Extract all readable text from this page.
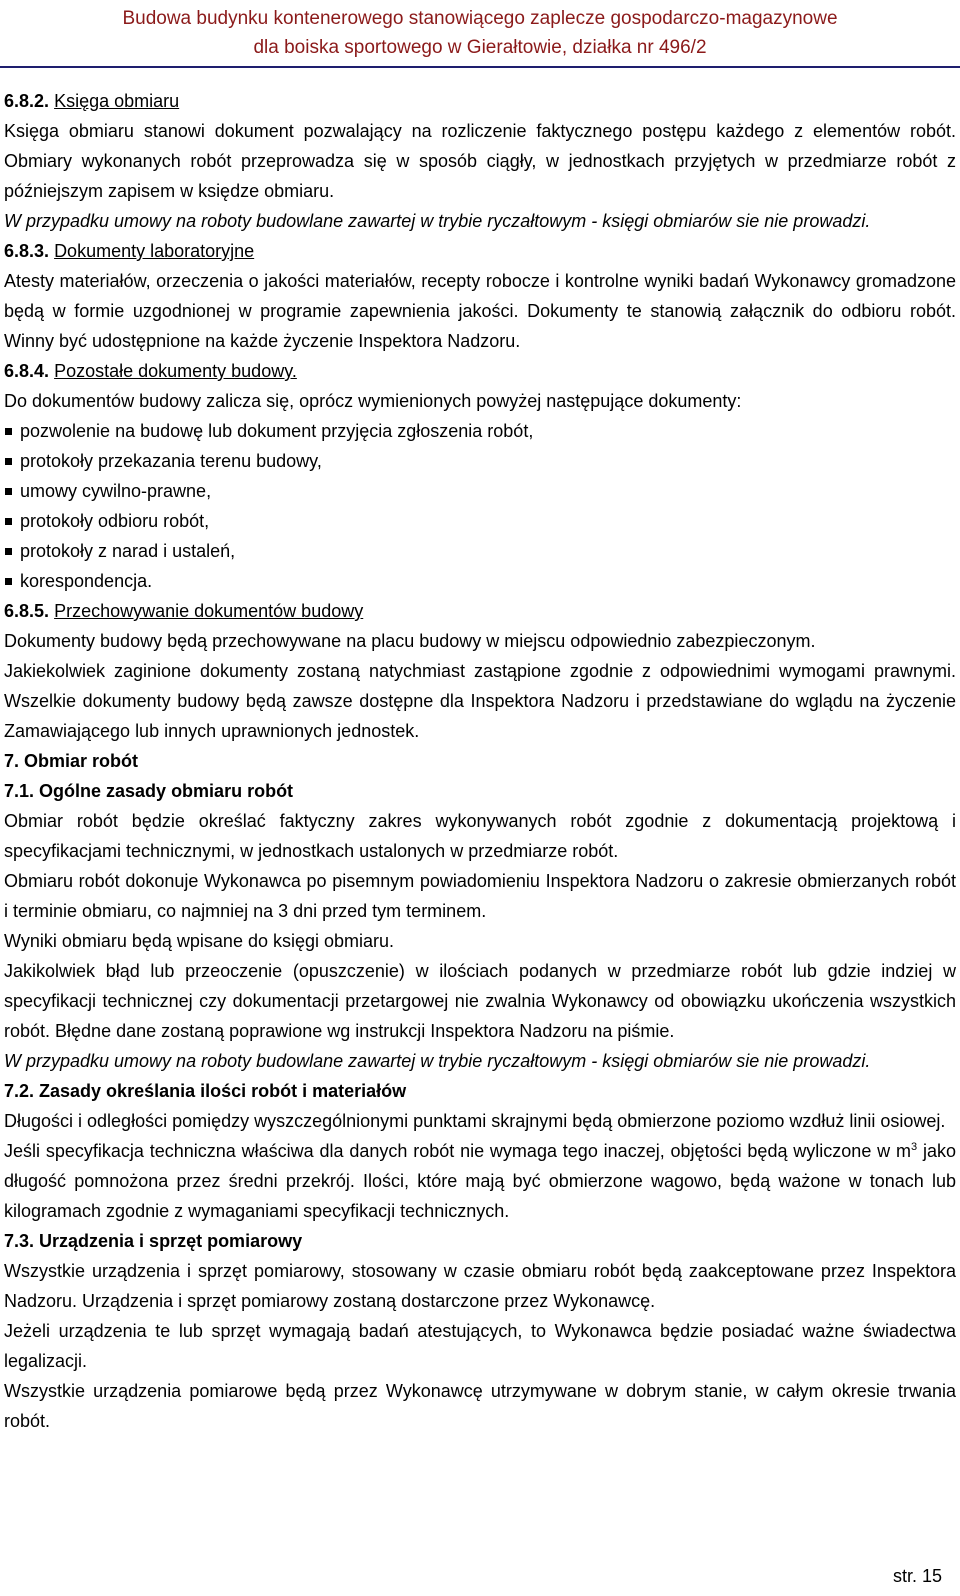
Budowa budynku kontenerowego stanowiącego zaplecze gospodarczo-magazynowe
dla boiska sportowego w Gierałtowie, działka nr 496/2

6.8.2. Księga obmiaru

Księga obmiaru stanowi dokument pozwalający na rozliczenie faktycznego postępu każdego z elementów robót. Obmiary wykonanych robót przeprowadza się w sposób ciągły, w jednostkach przyjętych w przedmiarze robót z późniejszym zapisem w księdze obmiaru.

W przypadku umowy na roboty budowlane zawartej w trybie ryczałtowym - księgi obmiarów sie nie prowadzi.

6.8.3. Dokumenty laboratoryjne

Atesty materiałów, orzeczenia o jakości materiałów, recepty robocze i kontrolne wyniki badań Wykonawcy gromadzone będą w formie uzgodnionej w programie zapewnienia jakości. Dokumenty te stanowią załącznik do odbioru robót. Winny być udostępnione na każde życzenie Inspektora Nadzoru.

6.8.4. Pozostałe dokumenty budowy.

Do dokumentów budowy zalicza się, oprócz wymienionych powyżej następujące dokumenty:

pozwolenie na budowę lub dokument przyjęcia zgłoszenia robót,
protokoły przekazania terenu budowy,
umowy cywilno-prawne,
protokoły odbioru robót,
protokoły z narad i ustaleń,
korespondencja.

6.8.5. Przechowywanie dokumentów budowy

Dokumenty budowy będą przechowywane na placu budowy w miejscu odpowiednio zabezpieczonym.

Jakiekolwiek zaginione dokumenty zostaną natychmiast zastąpione zgodnie z odpowiednimi wymogami prawnymi. Wszelkie dokumenty budowy będą zawsze dostępne dla Inspektora Nadzoru i przedstawiane do wglądu na życzenie Zamawiającego lub innych uprawnionych jednostek.

7. Obmiar robót

7.1. Ogólne zasady obmiaru robót

Obmiar robót będzie określać faktyczny zakres wykonywanych robót zgodnie z dokumentacją projektową i specyfikacjami technicznymi, w jednostkach ustalonych w przedmiarze robót.

Obmiaru robót dokonuje Wykonawca po pisemnym powiadomieniu Inspektora Nadzoru o zakresie obmierzanych robót i terminie obmiaru, co najmniej na 3 dni przed tym terminem.

Wyniki obmiaru będą wpisane do księgi obmiaru.

Jakikolwiek błąd lub przeoczenie (opuszczenie) w ilościach podanych w przedmiarze robót lub gdzie indziej w specyfikacji technicznej czy dokumentacji przetargowej nie zwalnia Wykonawcy od obowiązku ukończenia wszystkich robót. Błędne dane zostaną poprawione wg instrukcji Inspektora Nadzoru na piśmie.

W przypadku umowy na roboty budowlane zawartej w trybie ryczałtowym - księgi obmiarów sie nie prowadzi.

7.2. Zasady określania ilości robót i materiałów

Długości i odległości pomiędzy wyszczególnionymi punktami skrajnymi będą obmierzone poziomo wzdłuż linii osiowej.

Jeśli specyfikacja techniczna właściwa dla danych robót nie wymaga tego inaczej, objętości będą wyliczone w $m^3$ jako długość pomnożona przez średni przekrój. Ilości, które mają być obmierzone wagowo, będą ważone w tonach lub kilogramach zgodnie z wymaganiami specyfikacji technicznych.

7.3. Urządzenia i sprzęt pomiarowy

Wszystkie urządzenia i sprzęt pomiarowy, stosowany w czasie obmiaru robót będą zaakceptowane przez Inspektora Nadzoru. Urządzenia i sprzęt pomiarowy zostaną dostarczone przez Wykonawcę.

Jeżeli urządzenia te lub sprzęt wymagają badań atestujących, to Wykonawca będzie posiadać ważne świadectwa legalizacji.

Wszystkie urządzenia pomiarowe będą przez Wykonawcę utrzymywane w dobrym stanie, w całym okresie trwania robót.

str. 15
